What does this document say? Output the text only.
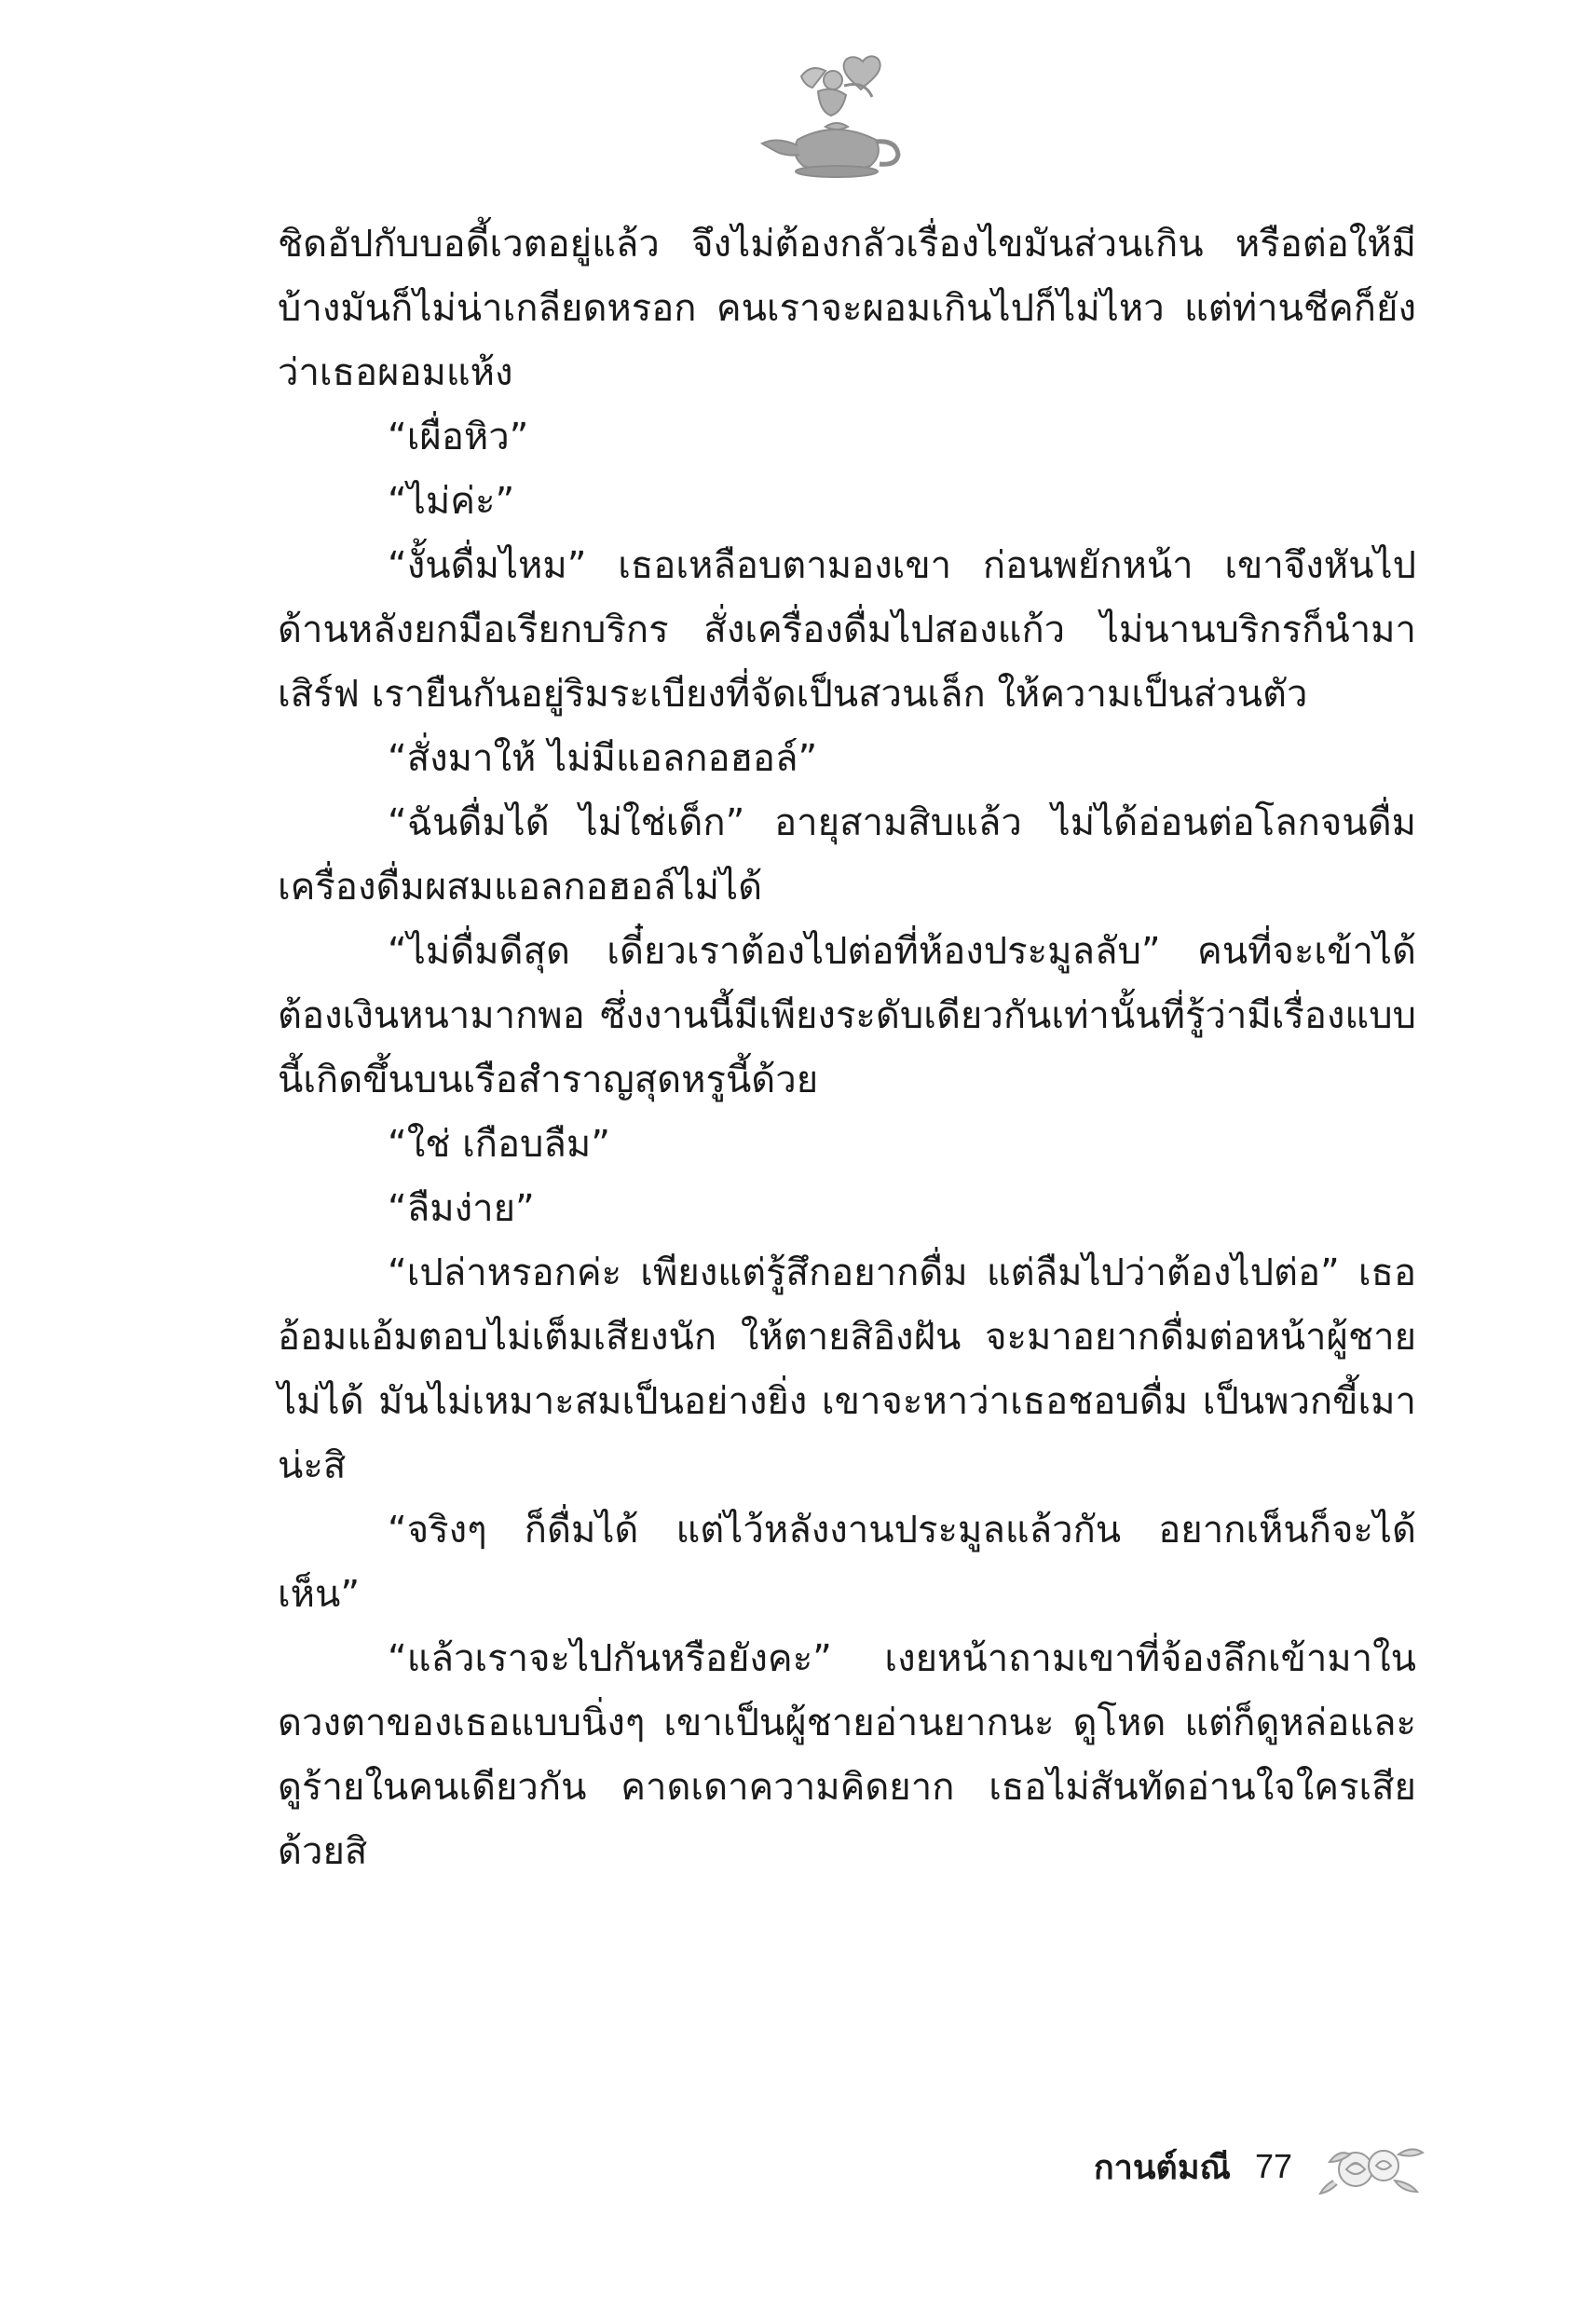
ชิดอัปกับบอดี้เวตอยู่แล้ว จึงไม่ต้องกลัวเรื่องไขมันส่วนเกิน หรือต่อให้มีบ้างมันก็ไม่น่าเกลียดหรอก คนเราจะผอมเกินไปก็ไม่ไหว แต่ท่านชีคก็ยังว่าเธอผอมแห้ง

“เผื่อหิว”

“ไม่ค่ะ”

“งั้นดื่มไหม” เธอเหลือบตามองเขา ก่อนพยักหน้า เขาจึงหันไปด้านหลังยกมือเรียกบริกร สั่งเครื่องดื่มไปสองแก้ว ไม่นานบริกรก็นำมาเสิร์ฟ เรายืนกันอยู่ริมระเบียงที่จัดเป็นสวนเล็ก ให้ความเป็นส่วนตัว

“สั่งมาให้ ไม่มีแอลกอฮอล์”

“ฉันดื่มได้ ไม่ใช่เด็ก” อายุสามสิบแล้ว ไม่ได้อ่อนต่อโลกจนดื่มเครื่องดื่มผสมแอลกอฮอล์ไม่ได้

“ไม่ดื่มดีสุด เดี๋ยวเราต้องไปต่อที่ห้องประมูลลับ” คนที่จะเข้าได้ต้องเงินหนามากพอ ซึ่งงานนี้มีเพียงระดับเดียวกันเท่านั้นที่รู้ว่ามีเรื่องแบบนี้เกิดขึ้นบนเรือสำราญสุดหรูนี้ด้วย

“ใช่ เกือบลืม”

“ลืมง่าย”

“เปล่าหรอกค่ะ เพียงแต่รู้สึกอยากดื่ม แต่ลืมไปว่าต้องไปต่อ” เธออ้อมแอ้มตอบไม่เต็มเสียงนัก ให้ตายสิอิงฝัน จะมาอยากดื่มต่อหน้าผู้ชายไม่ได้ มันไม่เหมาะสมเป็นอย่างยิ่ง เขาจะหาว่าเธอชอบดื่ม เป็นพวกขี้เมาน่ะสิ

“จริงๆ ก็ดื่มได้ แต่ไว้หลังงานประมูลแล้วกัน อยากเห็นก็จะได้เห็น”

“แล้วเราจะไปกันหรือยังคะ” เงยหน้าถามเขาที่จ้องลึกเข้ามาในดวงตาของเธอแบบนิ่งๆ เขาเป็นผู้ชายอ่านยากนะ ดูโหด แต่ก็ดูหล่อและดูร้ายในคนเดียวกัน คาดเดาความคิดยาก เธอไม่สันทัดอ่านใจใครเสียด้วยสิ

กานต์มณี 77
